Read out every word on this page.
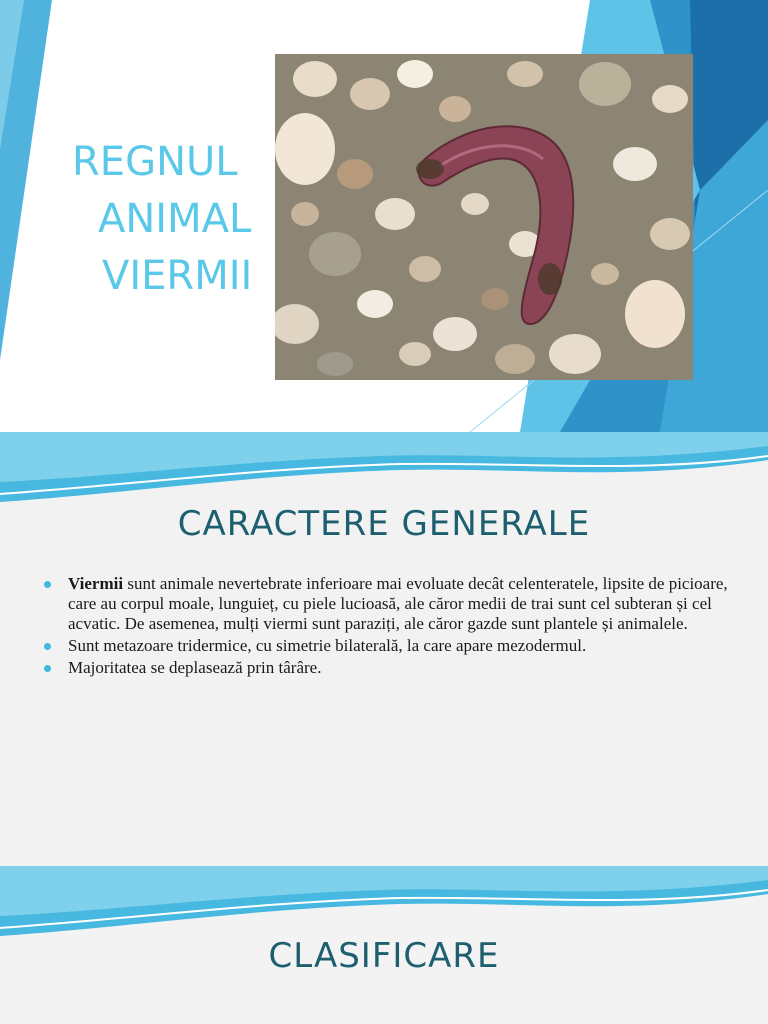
REGNUL
ANIMAL
VIERMII
CARACTERE GENERALE
Viermii sunt animale nevertebrate inferioare mai evoluate decât celenteratele, lipsite de picioare, care au corpul moale, lunguieț, cu piele lucioasă, ale căror medii de trai sunt cel subteran și cel acvatic. De asemenea, mulți viermi sunt paraziți, ale căror gazde sunt plantele și animalele.
Sunt metazoare tridermice, cu simetrie bilaterală, la care apare mezodermul.
Majoritatea se deplasează prin târâre.
CLASIFICARE
